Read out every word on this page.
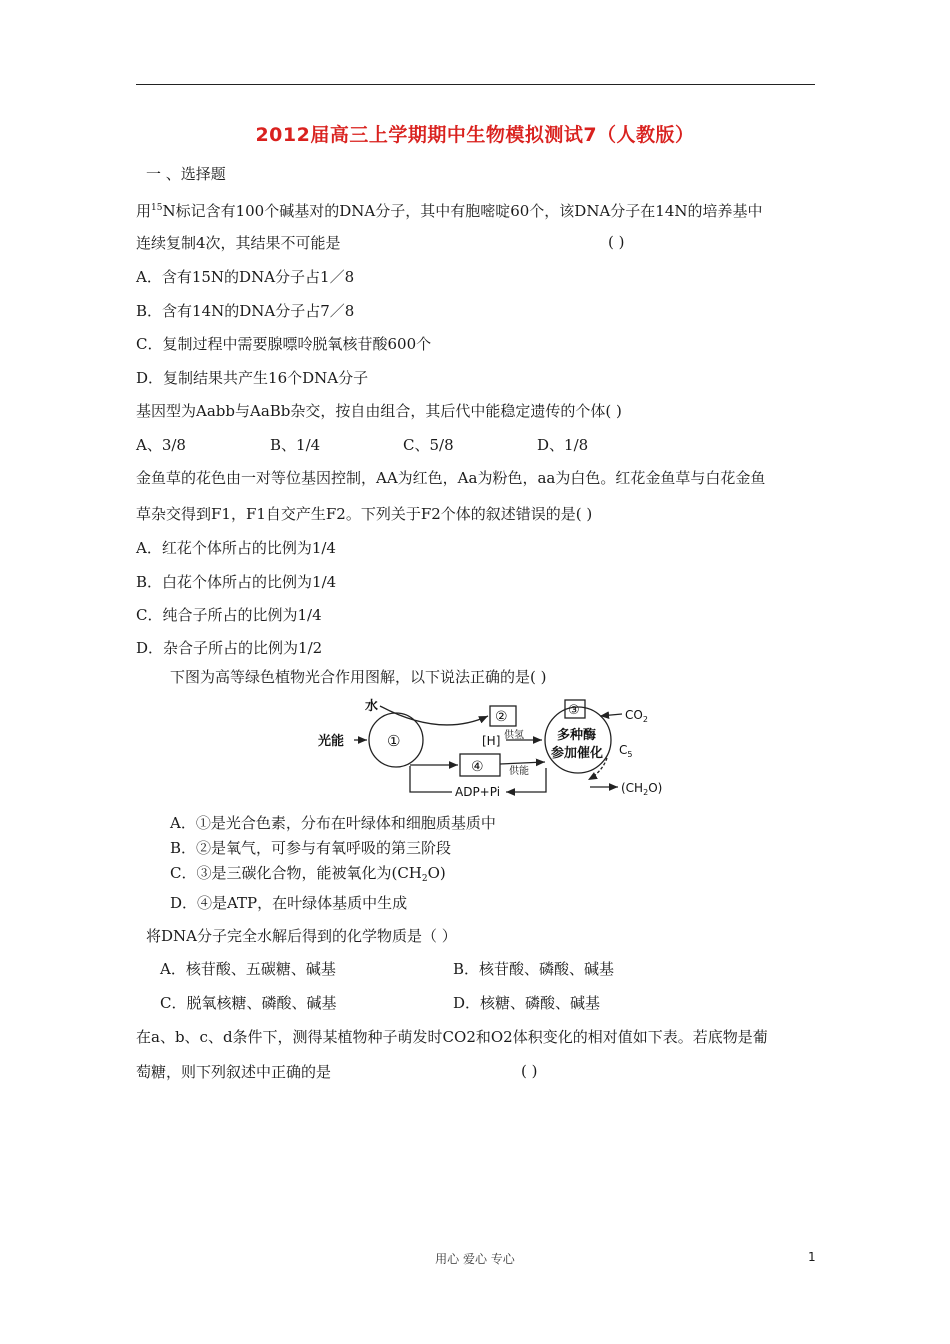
2012届高三上学期期中生物模拟测试7（人教版）
一 、选择题
用$^{15}$N标记含有100个碱基对的DNA分子，其中有胞嘧啶60个，该DNA分子在14N的培养基中
连续复制4次，其结果不可能是	( )
A．含有15N的DNA分子占1／8
B．含有14N的DNA分子占7／8
C．复制过程中需要腺嘌呤脱氧核苷酸600个
D．复制结果共产生16个DNA分子
基因型为Aabb与AaBb杂交，按自由组合，其后代中能稳定遗传的个体( )
A、3/8	B、1/4	C、5/8	D、1/8
金鱼草的花色由一对等位基因控制，AA为红色，Aa为粉色，aa为白色。红花金鱼草与白花金鱼
草杂交得到F1，F1自交产生F2。下列关于F2个体的叙述错误的是( )
A．红花个体所占的比例为1/4
B．白花个体所占的比例为1/4
C．纯合子所占的比例为1/4
D．杂合子所占的比例为1/2
下图为高等绿色植物光合作用图解，以下说法正确的是( )
水
光能	①
②	③
④
[H] 供氢
供能
ADP+Pi
多种酶
参加催化
$CO_2$
$C_5$
$(CH_2O)$
A．①是光合色素，分布在叶绿体和细胞质基质中
B．②是氧气，可参与有氧呼吸的第三阶段
C．③是三碳化合物，能被氧化为$(CH_2O)$
D．④是ATP，在叶绿体基质中生成
将DNA分子完全水解后得到的化学物质是（ ）
A．核苷酸、五碳糖、碱基	B．核苷酸、磷酸、碱基
C．脱氧核糖、磷酸、碱基	D．核糖、磷酸、碱基
在a、b、c、d条件下，测得某植物种子萌发时CO2和O2体积变化的相对值如下表。若底物是葡
萄糖，则下列叙述中正确的是	( )
用心 爱心 专心	1
